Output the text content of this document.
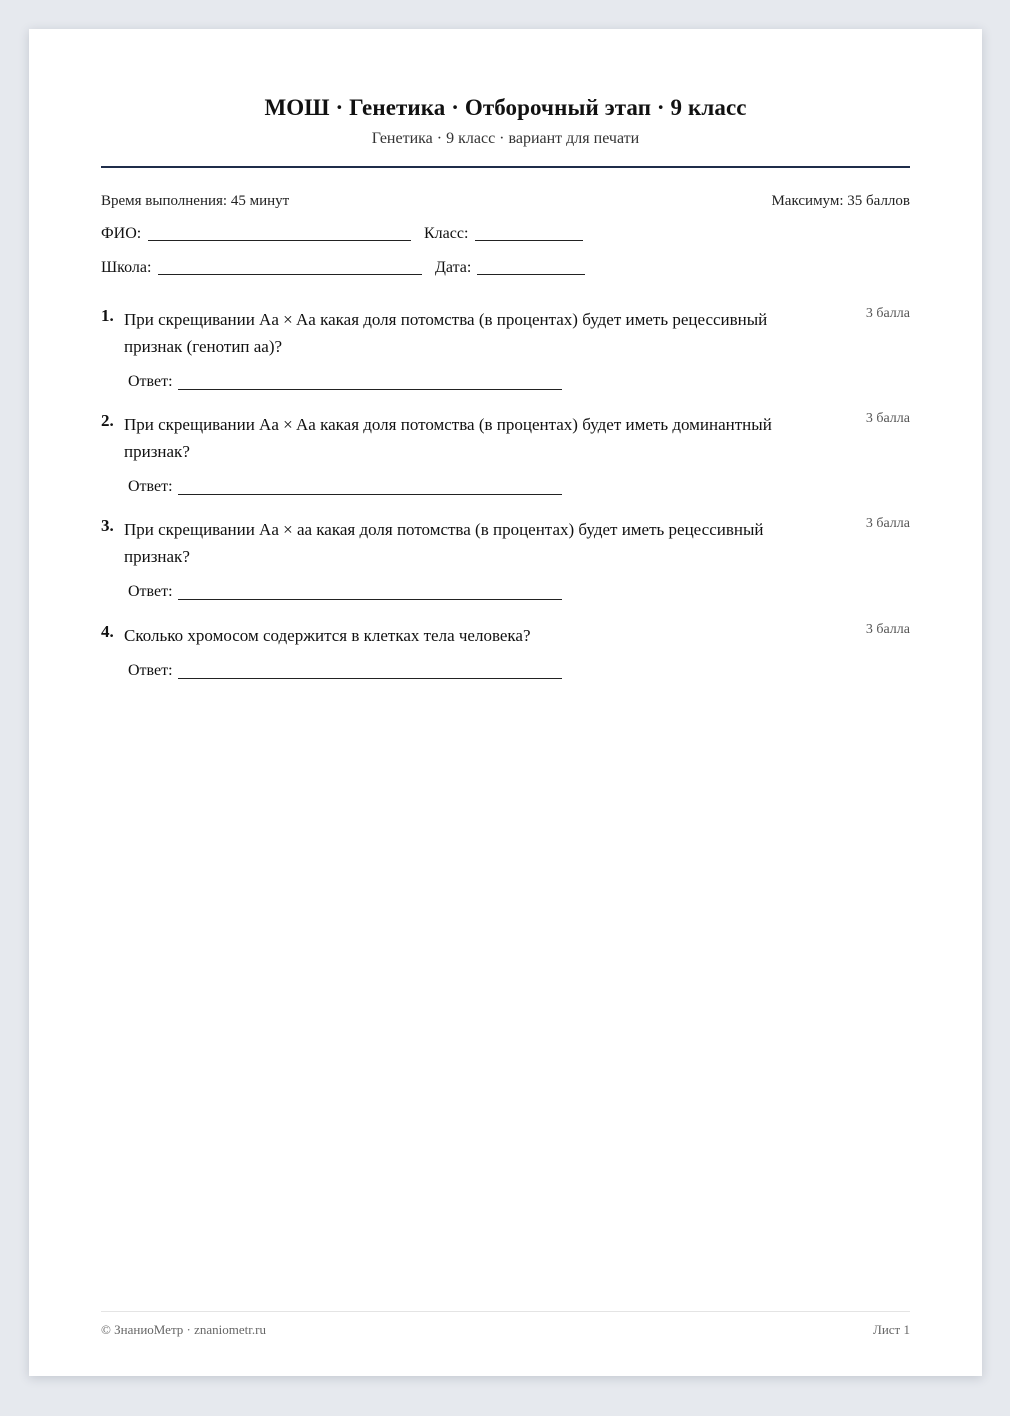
МОШ · Генетика · Отборочный этап · 9 класс
Генетика · 9 класс · вариант для печати
Время выполнения: 45 минут	Максимум: 35 баллов
ФИО:	Класс:
Школа:	Дата:
1. При скрещивании Aa × Aa какая доля потомства (в процентах) будет иметь рецессивный признак (генотип aa)?
3 балла
Ответ:
2. При скрещивании Aa × Aa какая доля потомства (в процентах) будет иметь доминантный признак?
3 балла
Ответ:
3. При скрещивании Aa × aa какая доля потомства (в процентах) будет иметь рецессивный признак?
3 балла
Ответ:
4. Сколько хромосом содержится в клетках тела человека?	3 балла
Ответ:
© ЗнаниоМетр · znaniometr.ru	Лист 1
